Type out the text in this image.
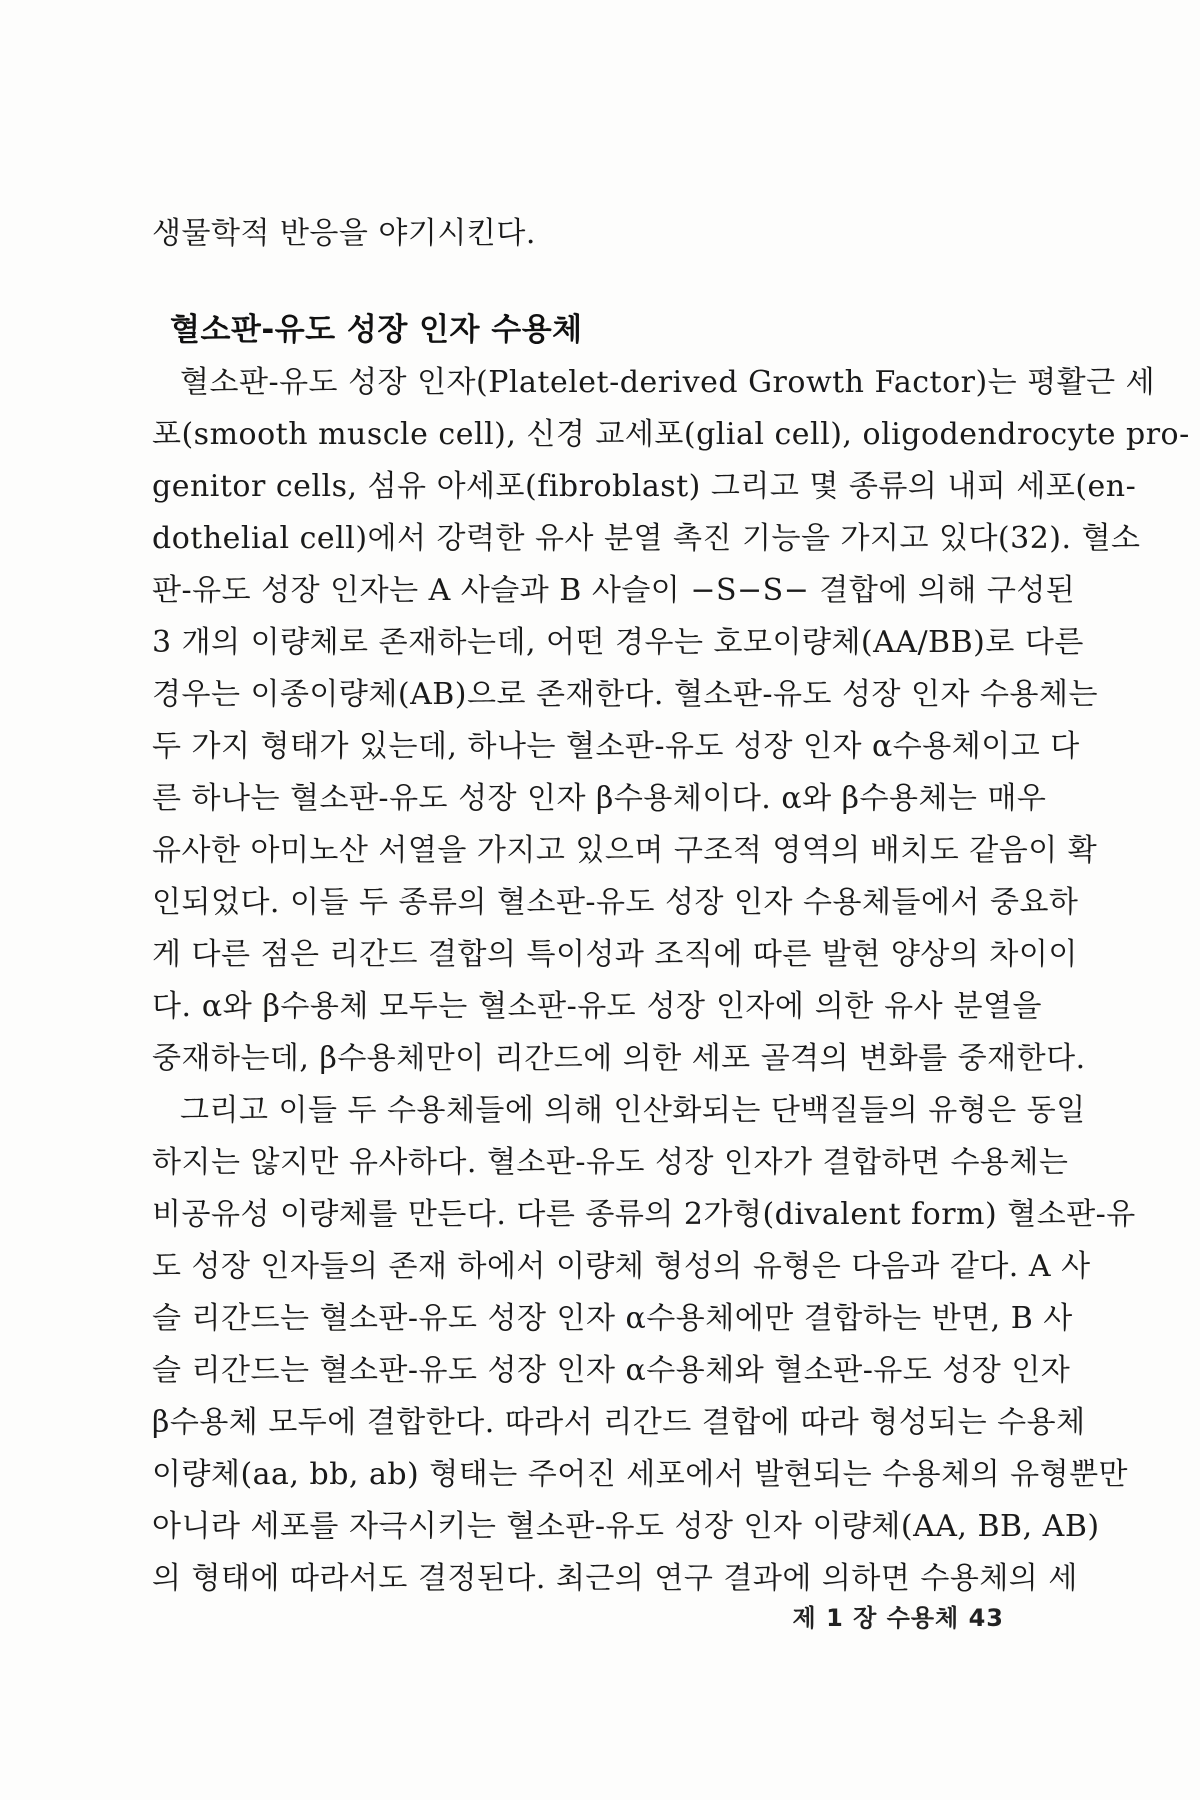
생물학적 반응을 야기시킨다.
혈소판-유도 성장 인자 수용체
혈소판-유도 성장 인자(Platelet-derived Growth Factor)는 평활근 세
포(smooth muscle cell), 신경 교세포(glial cell), oligodendrocyte pro-
genitor cells, 섬유 아세포(fibroblast) 그리고 몇 종류의 내피 세포(en-
dothelial cell)에서 강력한 유사 분열 촉진 기능을 가지고 있다(32). 혈소
판-유도 성장 인자는 A 사슬과 B 사슬이 −S−S− 결합에 의해 구성된
3 개의 이량체로 존재하는데, 어떤 경우는 호모이량체(AA/BB)로 다른
경우는 이종이량체(AB)으로 존재한다. 혈소판-유도 성장 인자 수용체는
두 가지 형태가 있는데, 하나는 혈소판-유도 성장 인자 α수용체이고 다
른 하나는 혈소판-유도 성장 인자 β수용체이다. α와 β수용체는 매우
유사한 아미노산 서열을 가지고 있으며 구조적 영역의 배치도 같음이 확
인되었다. 이들 두 종류의 혈소판-유도 성장 인자 수용체들에서 중요하
게 다른 점은 리간드 결합의 특이성과 조직에 따른 발현 양상의 차이이
다. α와 β수용체 모두는 혈소판-유도 성장 인자에 의한 유사 분열을
중재하는데, β수용체만이 리간드에 의한 세포 골격의 변화를 중재한다.
그리고 이들 두 수용체들에 의해 인산화되는 단백질들의 유형은 동일
하지는 않지만 유사하다. 혈소판-유도 성장 인자가 결합하면 수용체는
비공유성 이량체를 만든다. 다른 종류의 2가형(divalent form) 혈소판-유
도 성장 인자들의 존재 하에서 이량체 형성의 유형은 다음과 같다. A 사
슬 리간드는 혈소판-유도 성장 인자 α수용체에만 결합하는 반면, B 사
슬 리간드는 혈소판-유도 성장 인자 α수용체와 혈소판-유도 성장 인자
β수용체 모두에 결합한다. 따라서 리간드 결합에 따라 형성되는 수용체
이량체(aa, bb, ab) 형태는 주어진 세포에서 발현되는 수용체의 유형뿐만
아니라 세포를 자극시키는 혈소판-유도 성장 인자 이량체(AA, BB, AB)
의 형태에 따라서도 결정된다. 최근의 연구 결과에 의하면 수용체의 세
제 1 장 수용체 43
